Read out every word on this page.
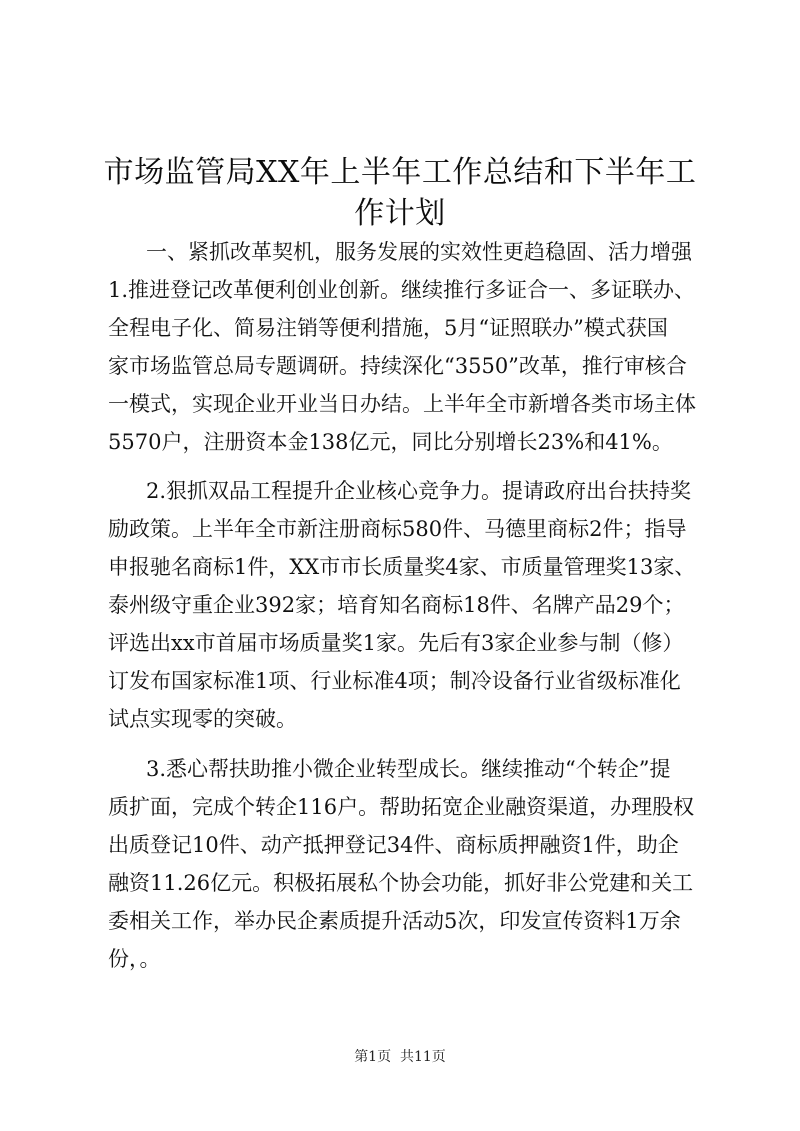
市场监管局XX年上半年工作总结和下半年工
作计划
一、紧抓改革契机，服务发展的实效性更趋稳固、活力增强
1.推进登记改革便利创业创新。继续推行多证合一、多证联办、
全程电子化、简易注销等便利措施，5月“证照联办”模式获国
家市场监管总局专题调研。持续深化“3550”改革，推行审核合
一模式，实现企业开业当日办结。上半年全市新增各类市场主体
5570户，注册资本金138亿元，同比分别增长23%和41%。
2.狠抓双品工程提升企业核心竞争力。提请政府出台扶持奖
励政策。上半年全市新注册商标580件、马德里商标2件；指导
申报驰名商标1件，XX市市长质量奖4家、市质量管理奖13家、
泰州级守重企业392家；培育知名商标18件、名牌产品29个；
评选出xx市首届市场质量奖1家。先后有3家企业参与制（修）
订发布国家标准1项、行业标准4项；制冷设备行业省级标准化
试点实现零的突破。
3.悉心帮扶助推小微企业转型成长。继续推动“个转企”提
质扩面，完成个转企116户。帮助拓宽企业融资渠道，办理股权
出质登记10件、动产抵押登记34件、商标质押融资1件，助企
融资11.26亿元。积极拓展私个协会功能，抓好非公党建和关工
委相关工作，举办民企素质提升活动5次，印发宣传资料1万余
份，。
第1页  共11页
